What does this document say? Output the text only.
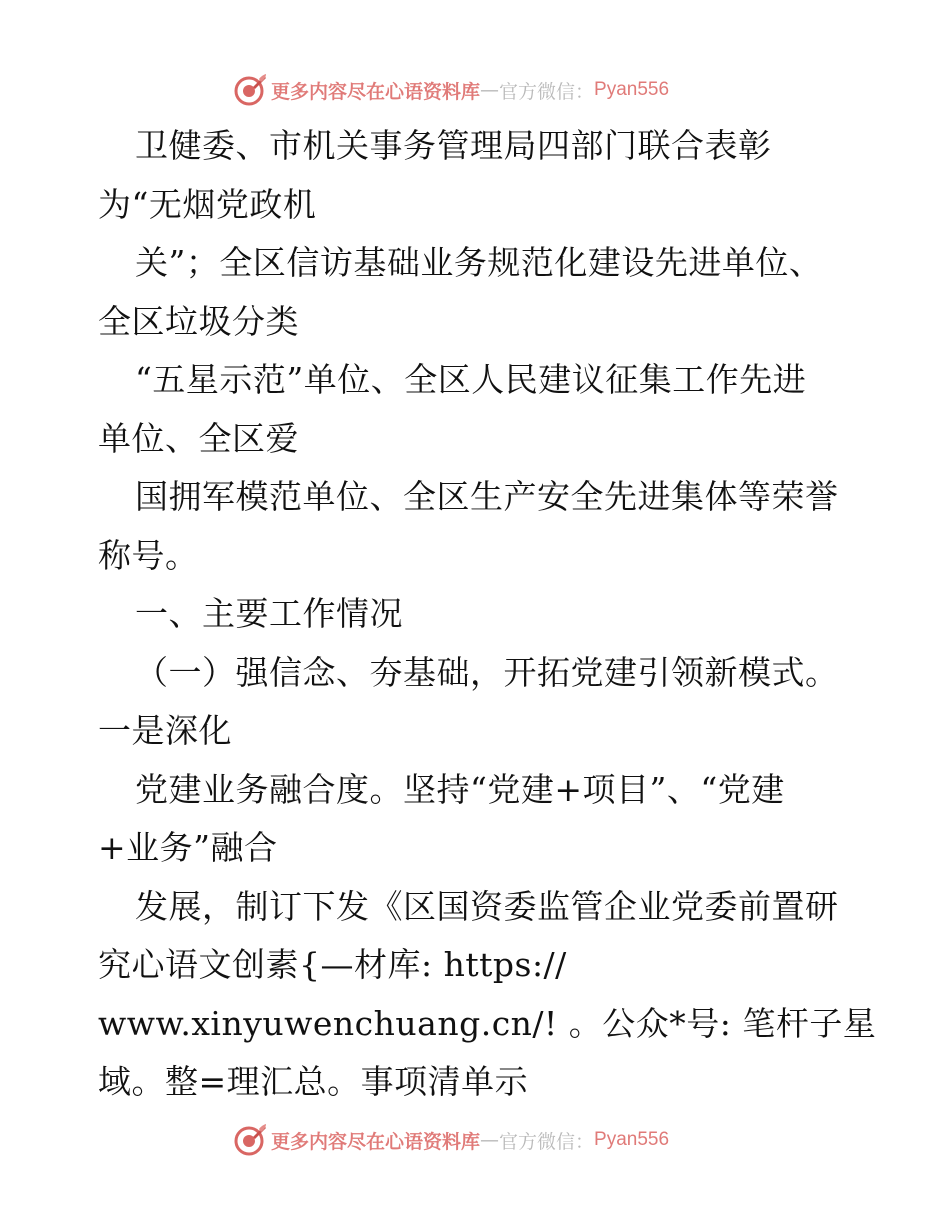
更多内容尽在心语资料库 — 官方微信： Pyan556
卫健委、市机关事务管理局四部门联合表彰
为“无烟党政机
关”；全区信访基础业务规范化建设先进单位、
全区垃圾分类
“五星示范”单位、全区人民建议征集工作先进
单位、全区爱
国拥军模范单位、全区生产安全先进集体等荣誉
称号。
一、主要工作情况
（一）强信念、夯基础，开拓党建引领新模式。
一是深化
党建业务融合度。坚持“党建+项目”、“党建
+业务”融合
发展，制订下发《区国资委监管企业党委前置研
究心语文创素{—材库: https://
www.xinyuwenchuang.cn/! 。公众*号: 笔杆子星
域。整=理汇总。事项清单示
更多内容尽在心语资料库 — 官方微信： Pyan556
